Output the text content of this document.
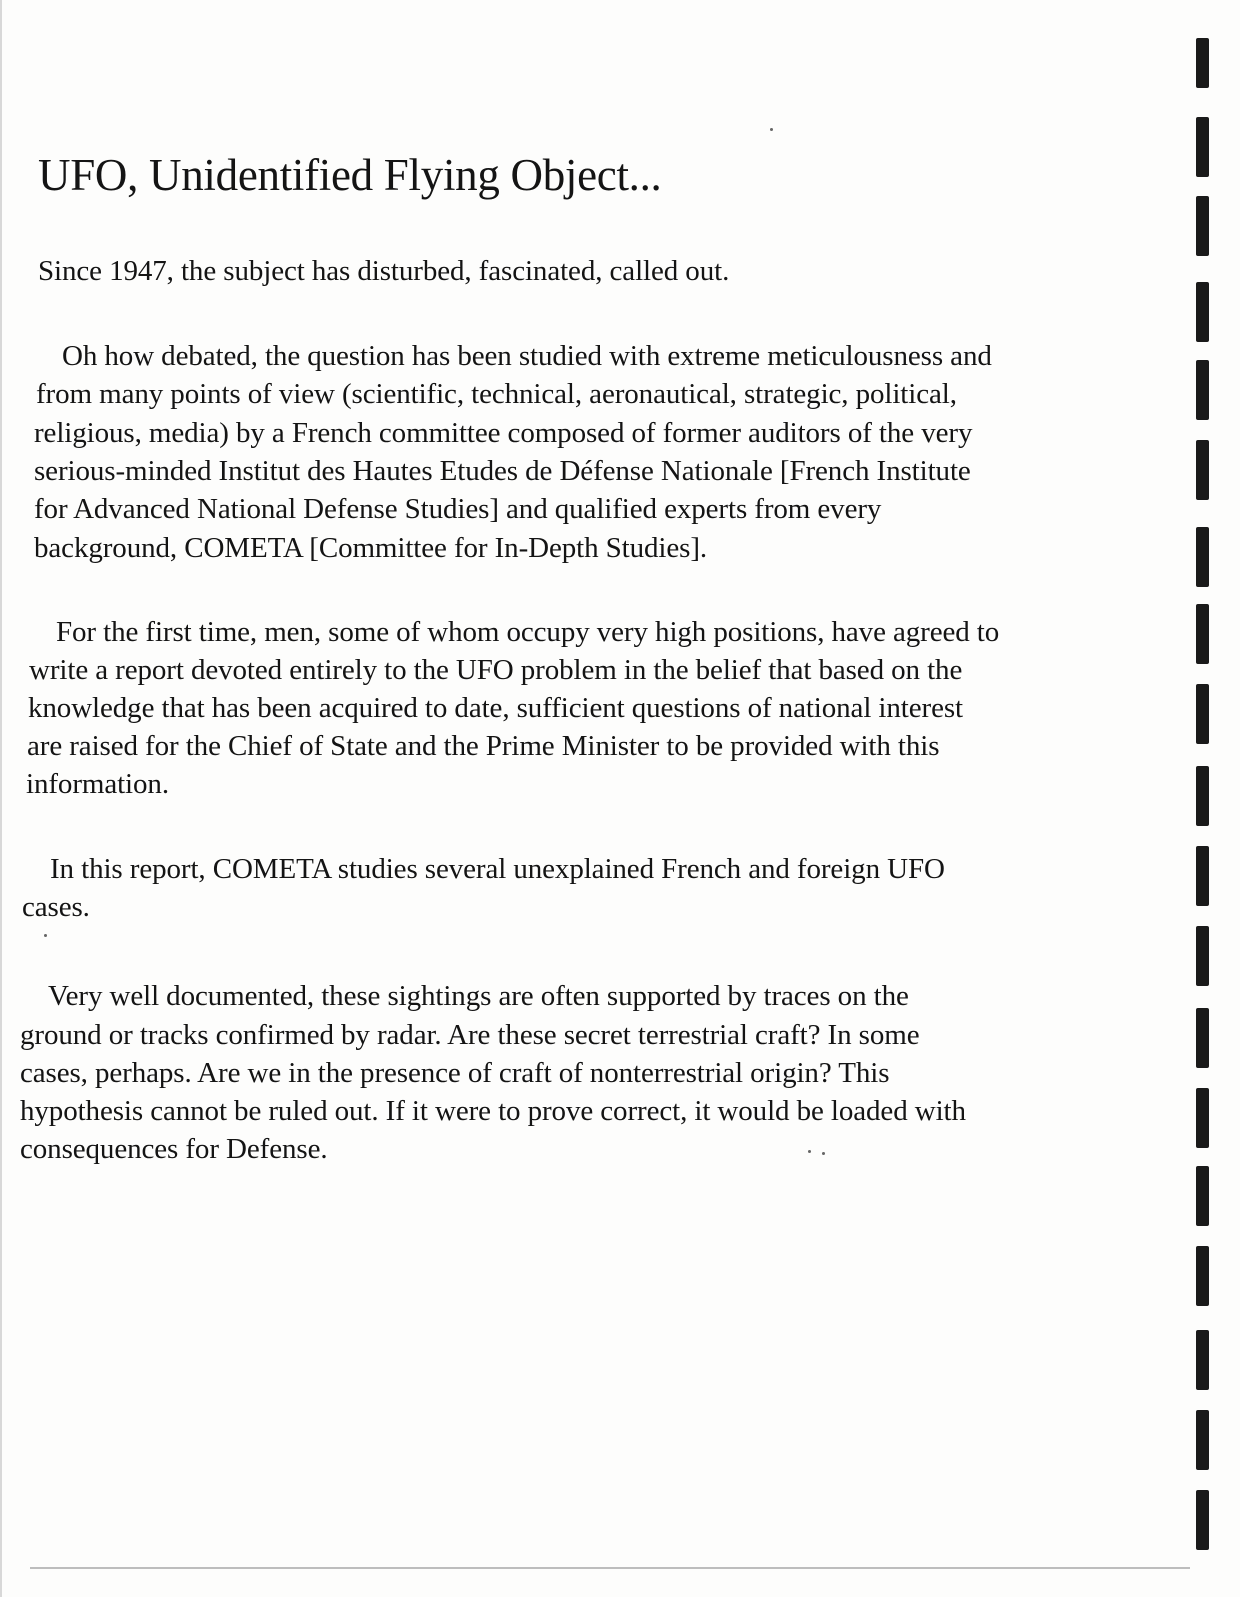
UFO, Unidentified Flying Object...
Since 1947, the subject has disturbed, fascinated, called out.
Oh how debated, the question has been studied with extreme meticulousness and
from many points of view (scientific, technical, aeronautical, strategic, political,
religious, media) by a French committee composed of former auditors of the very
serious-minded Institut des Hautes Etudes de Défense Nationale [French Institute
for Advanced National Defense Studies] and qualified experts from every
background, COMETA [Committee for In-Depth Studies].
For the first time, men, some of whom occupy very high positions, have agreed to
write a report devoted entirely to the UFO problem in the belief that based on the
knowledge that has been acquired to date, sufficient questions of national interest
are raised for the Chief of State and the Prime Minister to be provided with this
information.
In this report, COMETA studies several unexplained French and foreign UFO
cases.
Very well documented, these sightings are often supported by traces on the
ground or tracks confirmed by radar. Are these secret terrestrial craft? In some
cases, perhaps. Are we in the presence of craft of nonterrestrial origin? This
hypothesis cannot be ruled out. If it were to prove correct, it would be loaded with
consequences for Defense.
